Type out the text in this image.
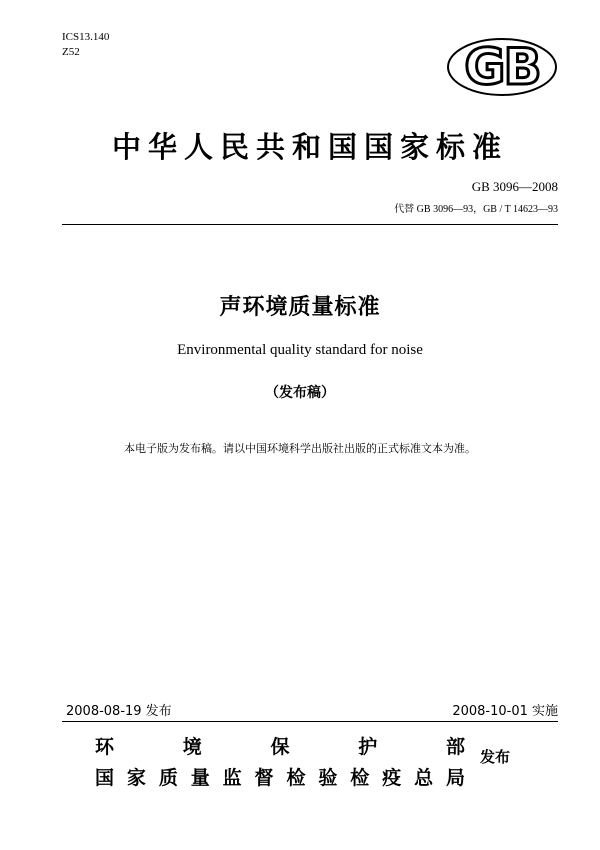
ICS13.140
Z52	GB
中华人民共和国国家标准
GB 3096—2008
代替 GB 3096—93，GB / T 14623—93
声环境质量标准
Environmental quality standard for noise
（发布稿）
本电子版为发布稿。请以中国环境科学出版社出版的正式标准文本为准。
2008-08-19 发布	2008-10-01 实施
环	境	保	护	部
国 家 质 量 监 督 检 验 检 疫 总 局
发布
